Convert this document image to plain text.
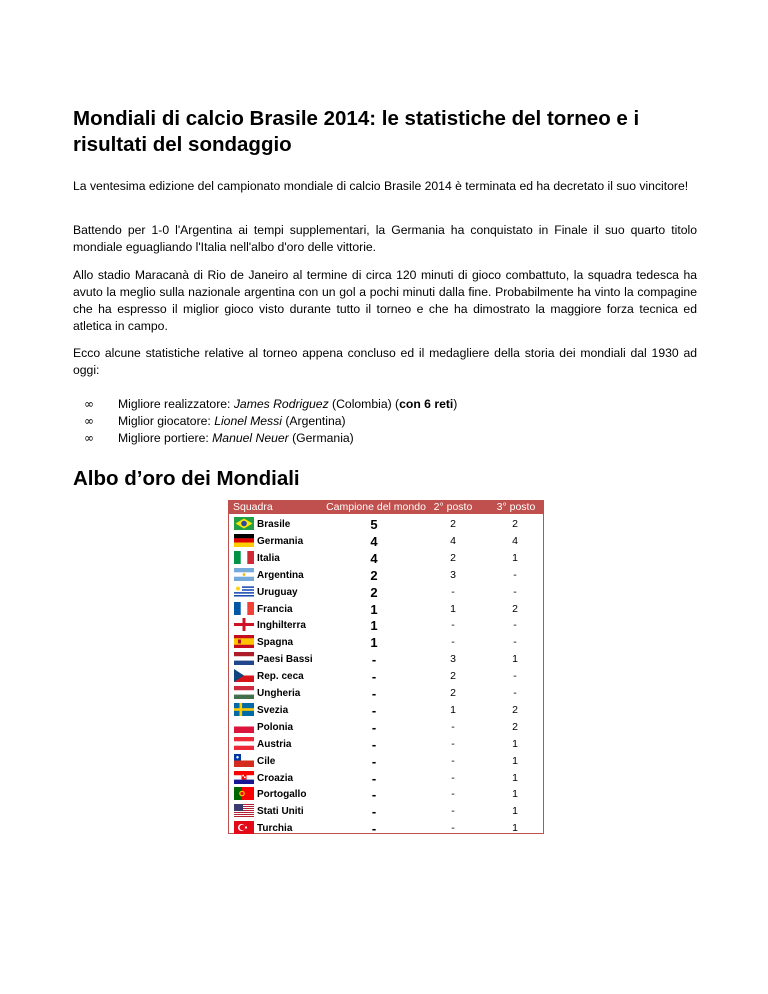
Mondiali di calcio Brasile 2014: le statistiche del torneo e i risultati del sondaggio

La ventesima edizione del campionato mondiale di calcio Brasile 2014 è terminata ed ha decretato il suo vincitore!

Battendo per 1-0 l'Argentina ai tempi supplementari, la Germania ha conquistato in Finale il suo quarto titolo mondiale eguagliando l'Italia nell'albo d'oro delle vittorie.

Allo stadio Maracanà di Rio de Janeiro al termine di circa 120 minuti di gioco combattuto, la squadra tedesca ha avuto la meglio sulla nazionale argentina con un gol a pochi minuti dalla fine. Probabilmente ha vinto la compagine che ha espresso il miglior gioco visto durante tutto il torneo e che ha dimostrato la maggiore forza tecnica ed atletica in campo.

Ecco alcune statistiche relative al torneo appena concluso ed il medagliere della storia dei mondiali dal 1930 ad oggi:

∞ Migliore realizzatore: James Rodriguez (Colombia) (con 6 reti)
∞ Miglior giocatore: Lionel Messi (Argentina)
∞ Migliore portiere: Manuel Neuer (Germania)
Albo d’oro dei Mondiali
Squadra	Campione del mondo 2° posto	3° posto
Brasile	5	2	2
Germania	4	4	4
Italia	4	2	1
Argentina	2	3	-
Uruguay	2	-	-
Francia	1	1	2
Inghilterra	1	-	-
Spagna	1	-	-
Paesi Bassi	-	3	1
Rep. ceca	-	2	-
Ungheria	-	2	-
Svezia	-	1	2
Polonia	-	-	2
Austria	-	-	1
Cile	-	-	1
Croazia	-	-	1
Portogallo	-	-	1
Stati Uniti	-	-	1
Turchia	-	-	1
